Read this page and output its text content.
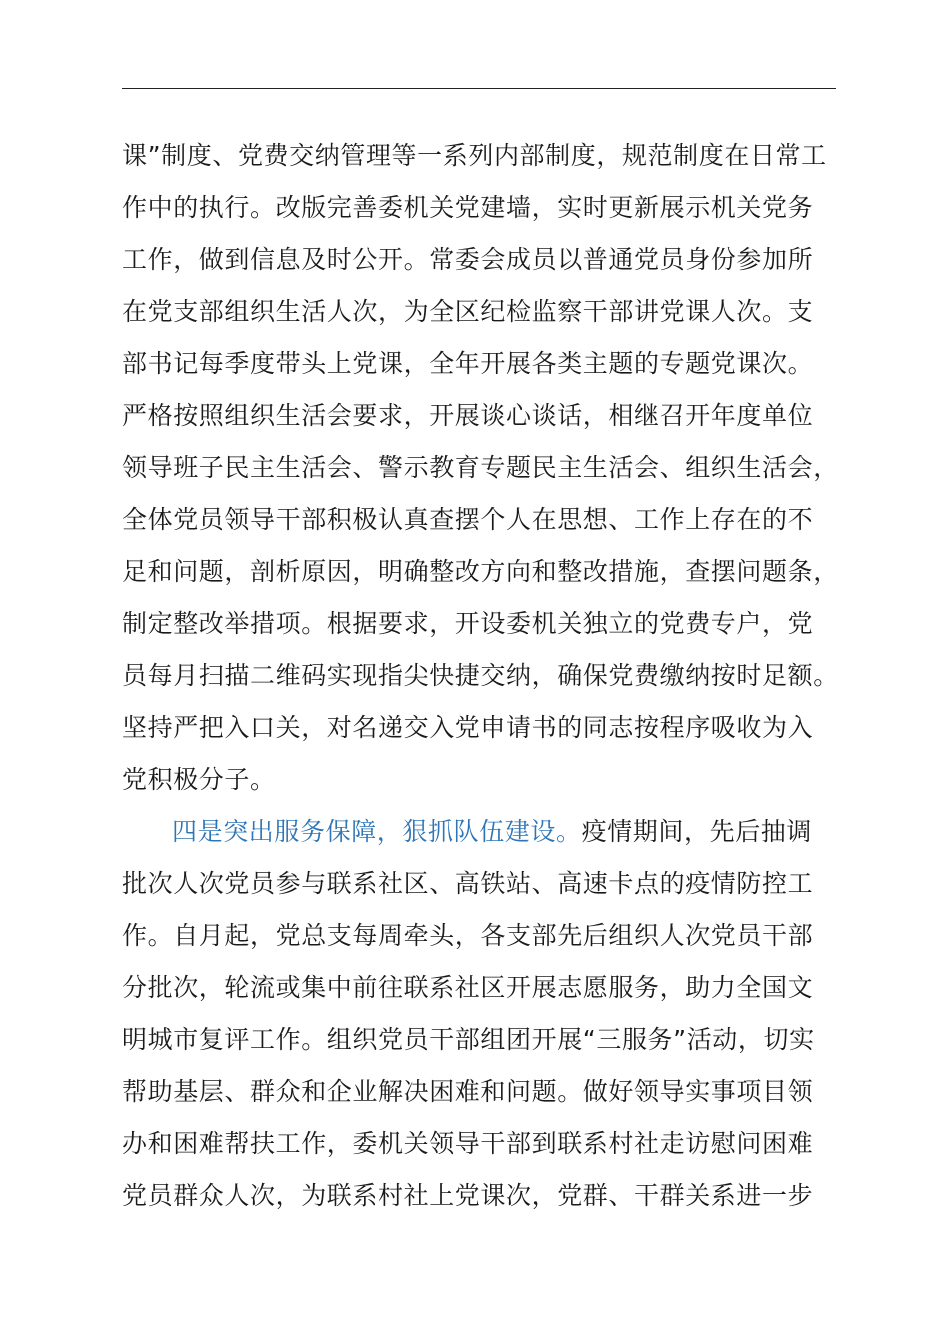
课”制度、党费交纳管理等一系列内部制度，规范制度在日常工
作中的执行。改版完善委机关党建墙，实时更新展示机关党务
工作，做到信息及时公开。常委会成员以普通党员身份参加所
在党支部组织生活人次，为全区纪检监察干部讲党课人次。支
部书记每季度带头上党课，全年开展各类主题的专题党课次。
严格按照组织生活会要求，开展谈心谈话，相继召开年度单位
领导班子民主生活会、警示教育专题民主生活会、组织生活会，
全体党员领导干部积极认真查摆个人在思想、工作上存在的不
足和问题，剖析原因，明确整改方向和整改措施，查摆问题条，
制定整改举措项。根据要求，开设委机关独立的党费专户，党
员每月扫描二维码实现指尖快捷交纳，确保党费缴纳按时足额。
坚持严把入口关，对名递交入党申请书的同志按程序吸收为入
党积极分子。
四是突出服务保障，狠抓队伍建设。疫情期间，先后抽调
批次人次党员参与联系社区、高铁站、高速卡点的疫情防控工
作。自月起，党总支每周牵头，各支部先后组织人次党员干部
分批次，轮流或集中前往联系社区开展志愿服务，助力全国文
明城市复评工作。组织党员干部组团开展“三服务”活动，切实
帮助基层、群众和企业解决困难和问题。做好领导实事项目领
办和困难帮扶工作，委机关领导干部到联系村社走访慰问困难
党员群众人次，为联系村社上党课次，党群、干群关系进一步
